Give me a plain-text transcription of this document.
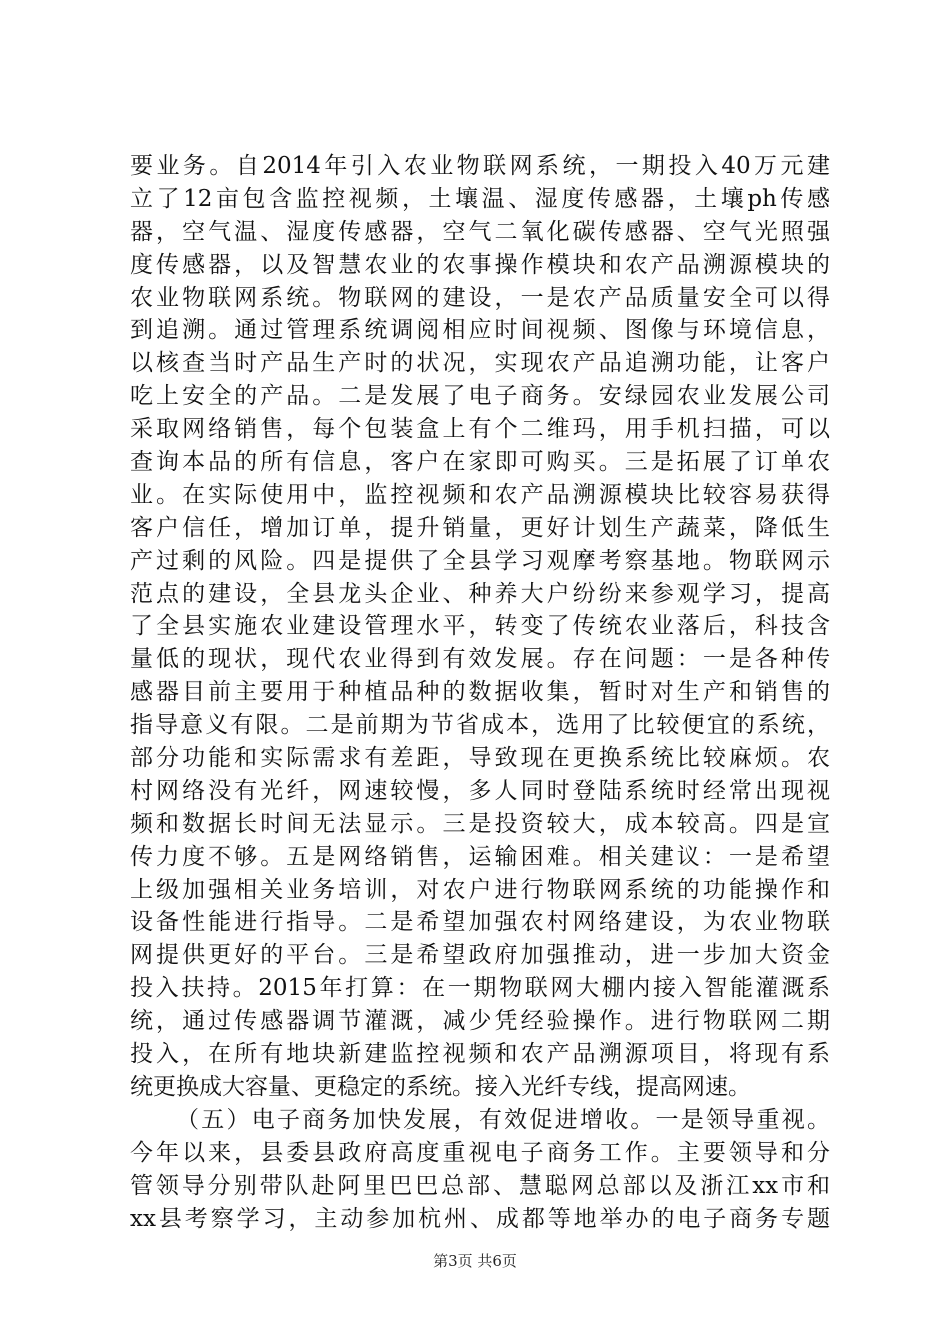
要业务。自2014年引入农业物联网系统，一期投入40万元建
立了12亩包含监控视频，土壤温、湿度传感器，土壤ph传感
器，空气温、湿度传感器，空气二氧化碳传感器、空气光照强
度传感器，以及智慧农业的农事操作模块和农产品溯源模块的
农业物联网系统。物联网的建设，一是农产品质量安全可以得
到追溯。通过管理系统调阅相应时间视频、图像与环境信息，
以核查当时产品生产时的状况，实现农产品追溯功能，让客户
吃上安全的产品。二是发展了电子商务。安绿园农业发展公司
采取网络销售，每个包装盒上有个二维玛，用手机扫描，可以
查询本品的所有信息，客户在家即可购买。三是拓展了订单农
业。在实际使用中，监控视频和农产品溯源模块比较容易获得
客户信任，增加订单，提升销量，更好计划生产蔬菜，降低生
产过剩的风险。四是提供了全县学习观摩考察基地。物联网示
范点的建设，全县龙头企业、种养大户纷纷来参观学习，提高
了全县实施农业建设管理水平，转变了传统农业落后，科技含
量低的现状，现代农业得到有效发展。存在问题：一是各种传
感器目前主要用于种植品种的数据收集，暂时对生产和销售的
指导意义有限。二是前期为节省成本，选用了比较便宜的系统，
部分功能和实际需求有差距，导致现在更换系统比较麻烦。农
村网络没有光纤，网速较慢，多人同时登陆系统时经常出现视
频和数据长时间无法显示。三是投资较大，成本较高。四是宣
传力度不够。五是网络销售，运输困难。相关建议：一是希望
上级加强相关业务培训，对农户进行物联网系统的功能操作和
设备性能进行指导。二是希望加强农村网络建设，为农业物联
网提供更好的平台。三是希望政府加强推动，进一步加大资金
投入扶持。2015年打算：在一期物联网大棚内接入智能灌溉系
统，通过传感器调节灌溉，减少凭经验操作。进行物联网二期
投入，在所有地块新建监控视频和农产品溯源项目，将现有系
统更换成大容量、更稳定的系统。接入光纤专线，提高网速。
（五）电子商务加快发展，有效促进增收。一是领导重视。
今年以来，县委县政府高度重视电子商务工作。主要领导和分
管领导分别带队赴阿里巴巴总部、慧聪网总部以及浙江xx市和
xx县考察学习，主动参加杭州、成都等地举办的电子商务专题
第3页 共6页
